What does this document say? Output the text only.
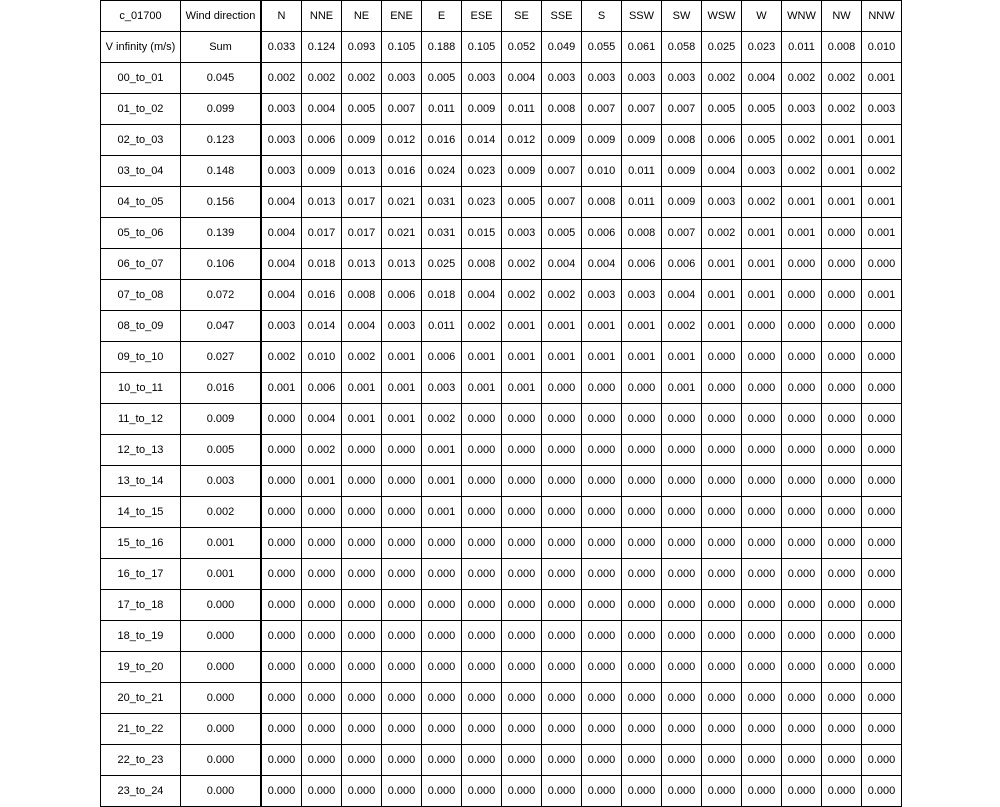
c_01700	Wind direction	N	NNE	NE	ENE	E	ESE	SE	SSE	S	SSW	SW	WSW	W	WNW	NW	NNW
V infinity (m/s)	Sum	0.033	0.124	0.093	0.105	0.188	0.105	0.052	0.049	0.055	0.061	0.058	0.025	0.023	0.011	0.008	0.010
00_to_01	0.045	0.002	0.002	0.002	0.003	0.005	0.003	0.004	0.003	0.003	0.003	0.003	0.002	0.004	0.002	0.002	0.001
01_to_02	0.099	0.003	0.004	0.005	0.007	0.011	0.009	0.011	0.008	0.007	0.007	0.007	0.005	0.005	0.003	0.002	0.003
02_to_03	0.123	0.003	0.006	0.009	0.012	0.016	0.014	0.012	0.009	0.009	0.009	0.008	0.006	0.005	0.002	0.001	0.001
03_to_04	0.148	0.003	0.009	0.013	0.016	0.024	0.023	0.009	0.007	0.010	0.011	0.009	0.004	0.003	0.002	0.001	0.002
04_to_05	0.156	0.004	0.013	0.017	0.021	0.031	0.023	0.005	0.007	0.008	0.011	0.009	0.003	0.002	0.001	0.001	0.001
05_to_06	0.139	0.004	0.017	0.017	0.021	0.031	0.015	0.003	0.005	0.006	0.008	0.007	0.002	0.001	0.001	0.000	0.001
06_to_07	0.106	0.004	0.018	0.013	0.013	0.025	0.008	0.002	0.004	0.004	0.006	0.006	0.001	0.001	0.000	0.000	0.000
07_to_08	0.072	0.004	0.016	0.008	0.006	0.018	0.004	0.002	0.002	0.003	0.003	0.004	0.001	0.001	0.000	0.000	0.001
08_to_09	0.047	0.003	0.014	0.004	0.003	0.011	0.002	0.001	0.001	0.001	0.001	0.002	0.001	0.000	0.000	0.000	0.000
09_to_10	0.027	0.002	0.010	0.002	0.001	0.006	0.001	0.001	0.001	0.001	0.001	0.001	0.000	0.000	0.000	0.000	0.000
10_to_11	0.016	0.001	0.006	0.001	0.001	0.003	0.001	0.001	0.000	0.000	0.000	0.001	0.000	0.000	0.000	0.000	0.000
11_to_12	0.009	0.000	0.004	0.001	0.001	0.002	0.000	0.000	0.000	0.000	0.000	0.000	0.000	0.000	0.000	0.000	0.000
12_to_13	0.005	0.000	0.002	0.000	0.000	0.001	0.000	0.000	0.000	0.000	0.000	0.000	0.000	0.000	0.000	0.000	0.000
13_to_14	0.003	0.000	0.001	0.000	0.000	0.001	0.000	0.000	0.000	0.000	0.000	0.000	0.000	0.000	0.000	0.000	0.000
14_to_15	0.002	0.000	0.000	0.000	0.000	0.001	0.000	0.000	0.000	0.000	0.000	0.000	0.000	0.000	0.000	0.000	0.000
15_to_16	0.001	0.000	0.000	0.000	0.000	0.000	0.000	0.000	0.000	0.000	0.000	0.000	0.000	0.000	0.000	0.000	0.000
16_to_17	0.001	0.000	0.000	0.000	0.000	0.000	0.000	0.000	0.000	0.000	0.000	0.000	0.000	0.000	0.000	0.000	0.000
17_to_18	0.000	0.000	0.000	0.000	0.000	0.000	0.000	0.000	0.000	0.000	0.000	0.000	0.000	0.000	0.000	0.000	0.000
18_to_19	0.000	0.000	0.000	0.000	0.000	0.000	0.000	0.000	0.000	0.000	0.000	0.000	0.000	0.000	0.000	0.000	0.000
19_to_20	0.000	0.000	0.000	0.000	0.000	0.000	0.000	0.000	0.000	0.000	0.000	0.000	0.000	0.000	0.000	0.000	0.000
20_to_21	0.000	0.000	0.000	0.000	0.000	0.000	0.000	0.000	0.000	0.000	0.000	0.000	0.000	0.000	0.000	0.000	0.000
21_to_22	0.000	0.000	0.000	0.000	0.000	0.000	0.000	0.000	0.000	0.000	0.000	0.000	0.000	0.000	0.000	0.000	0.000
22_to_23	0.000	0.000	0.000	0.000	0.000	0.000	0.000	0.000	0.000	0.000	0.000	0.000	0.000	0.000	0.000	0.000	0.000
23_to_24	0.000	0.000	0.000	0.000	0.000	0.000	0.000	0.000	0.000	0.000	0.000	0.000	0.000	0.000	0.000	0.000	0.000
